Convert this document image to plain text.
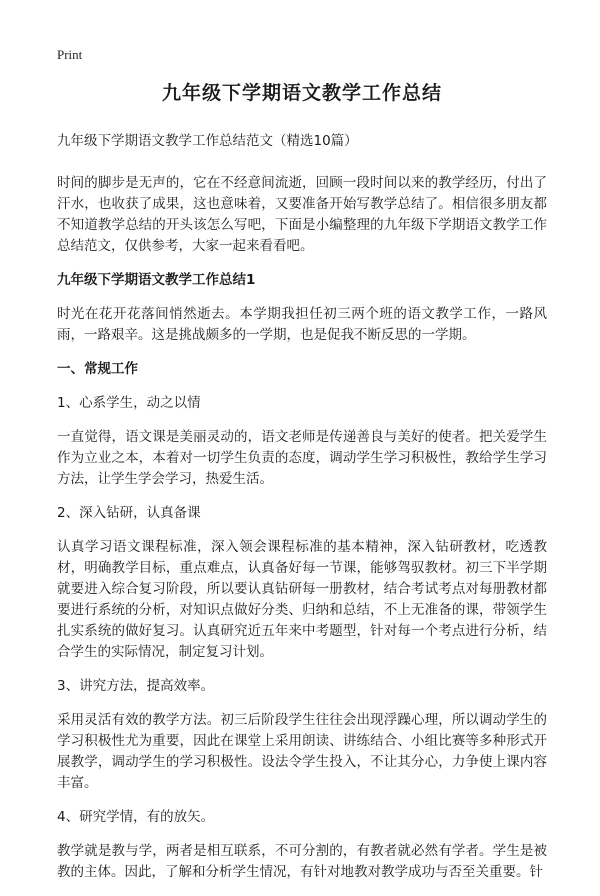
Print
九年级下学期语文教学工作总结
九年级下学期语文教学工作总结范文（精选10篇）
时间的脚步是无声的，它在不经意间流逝，回顾一段时间以来的教学经历，付出了汗水，也收获了成果，这也意味着，又要准备开始写教学总结了。相信很多朋友都不知道教学总结的开头该怎么写吧，下面是小编整理的九年级下学期语文教学工作总结范文，仅供参考，大家一起来看看吧。
九年级下学期语文教学工作总结1
时光在花开花落间悄然逝去。本学期我担任初三两个班的语文教学工作，一路风雨，一路艰辛。这是挑战颇多的一学期，也是促我不断反思的一学期。
一、常规工作
1、心系学生，动之以情
一直觉得，语文课是美丽灵动的，语文老师是传递善良与美好的使者。把关爱学生作为立业之本，本着对一切学生负责的态度，调动学生学习积极性，教给学生学习方法，让学生学会学习，热爱生活。
2、深入钻研，认真备课
认真学习语文课程标准，深入领会课程标准的基本精神，深入钻研教材，吃透教材，明确教学目标，重点难点，认真备好每一节课，能够驾驭教材。初三下半学期就要进入综合复习阶段，所以要认真钻研每一册教材，结合考试考点对每册教材都要进行系统的分析，对知识点做好分类、归纳和总结，不上无准备的课，带领学生扎实系统的做好复习。认真研究近五年来中考题型，针对每一个考点进行分析，结合学生的实际情况，制定复习计划。
3、讲究方法，提高效率。
采用灵活有效的教学方法。初三后阶段学生往往会出现浮躁心理，所以调动学生的学习积极性尤为重要，因此在课堂上采用朗读、讲练结合、小组比赛等多种形式开展教学，调动学生的学习积极性。设法令学生投入，不让其分心，力争使上课内容丰富。
4、研究学情，有的放矢。
教学就是教与学，两者是相互联系，不可分割的，有教者就必然有学者。学生是被教的主体。因此，了解和分析学生情况，有针对地教对教学成功与否至关重要。针
